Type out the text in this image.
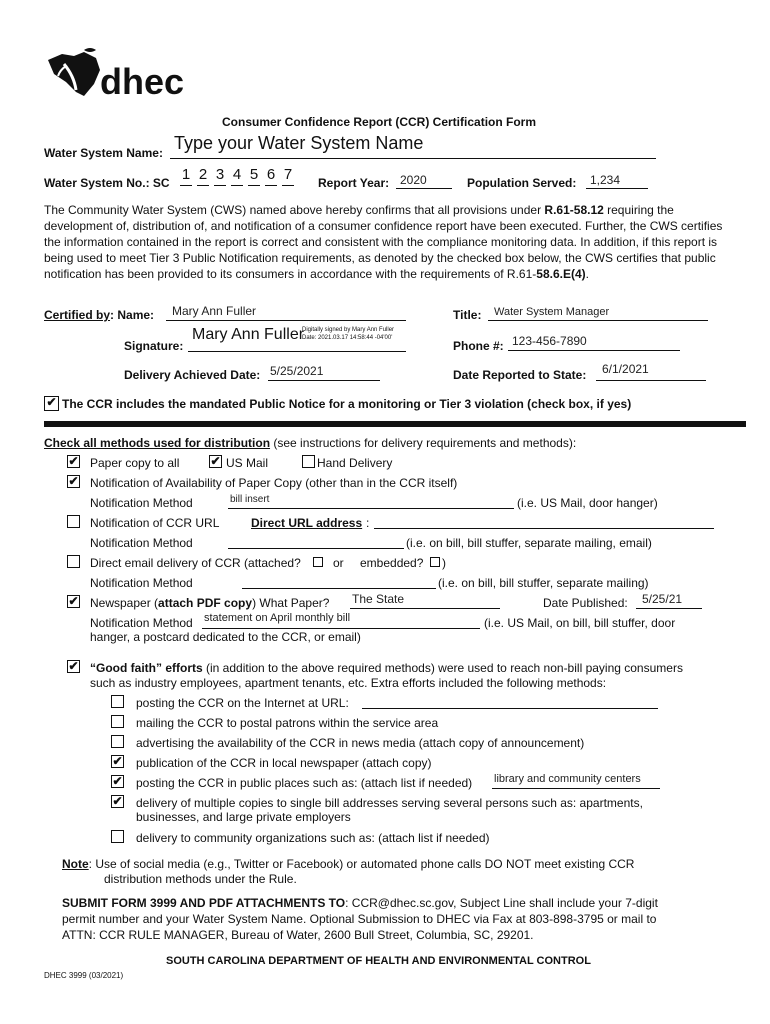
dhec
Consumer Confidence Report (CCR) Certification Form
Water System Name: Type your Water System Name
Water System No.: SC 1 2 3 4 5 6 7 Report Year: 2020	Population Served: 1,234
The Community Water System (CWS) named above hereby confirms that all provisions under R.61-58.12 requiring the development of, distribution of, and notification of a consumer confidence report have been executed. Further, the CWS certifies the information contained in the report is correct and consistent with the compliance monitoring data. In addition, if this report is being used to meet Tier 3 Public Notification requirements, as denoted by the checked box below, the CWS certifies that public notification has been provided to its consumers in accordance with the requirements of R.61-58.6.E(4).
Certified by: Name: Mary Ann Fuller	Title: Water System Manager
Signature:
Mary Ann Fuller
Digitally signed by Mary Ann Fuller
Date: 2021.03.17 14:58:44 -04'00'
Phone #: 123-456-7890
Delivery Achieved Date: 5/25/2021	Date Reported to State: 6/1/2021
✔ The CCR includes the mandated Public Notice for a monitoring or Tier 3 violation (check box, if yes)
Check all methods used for distribution (see instructions for delivery requirements and methods):
✔ Paper copy to all	✔ US Mail	Hand Delivery
✔ Notification of Availability of Paper Copy (other than in the CCR itself)
Notification Method	bill insert	(i.e. US Mail, door hanger)
Notification of CCR URL	Direct URL address :
Notification Method	(i.e. on bill, bill stuffer, separate mailing, email)
Direct email delivery of CCR (attached?	or embedded? )
Notification Method	(i.e. on bill, bill stuffer, separate mailing)
✔ Newspaper (attach PDF copy) What Paper? The State	Date Published: 5/25/21
Notification Method statement on April monthly bill	(i.e. US Mail, on bill, bill stuffer, door
hanger, a postcard dedicated to the CCR, or email)
✔ “Good faith” efforts (in addition to the above required methods) were used to reach non-bill paying consumers
such as industry employees, apartment tenants, etc. Extra efforts included the following methods:
posting the CCR on the Internet at URL:
mailing the CCR to postal patrons within the service area
advertising the availability of the CCR in news media (attach copy of announcement)
✔ publication of the CCR in local newspaper (attach copy)
✔ posting the CCR in public places such as: (attach list if needed) library and community centers
✔ delivery of multiple copies to single bill addresses serving several persons such as: apartments,
businesses, and large private employers
delivery to community organizations such as: (attach list if needed)
Note: Use of social media (e.g., Twitter or Facebook) or automated phone calls DO NOT meet existing CCR
distribution methods under the Rule.
SUBMIT FORM 3999 AND PDF ATTACHMENTS TO: CCR@dhec.sc.gov, Subject Line shall include your 7-digit
permit number and your Water System Name. Optional Submission to DHEC via Fax at 803-898-3795 or mail to
ATTN: CCR RULE MANAGER, Bureau of Water, 2600 Bull Street, Columbia, SC, 29201.
SOUTH CAROLINA DEPARTMENT OF HEALTH AND ENVIRONMENTAL CONTROL
DHEC 3999 (03/2021)
